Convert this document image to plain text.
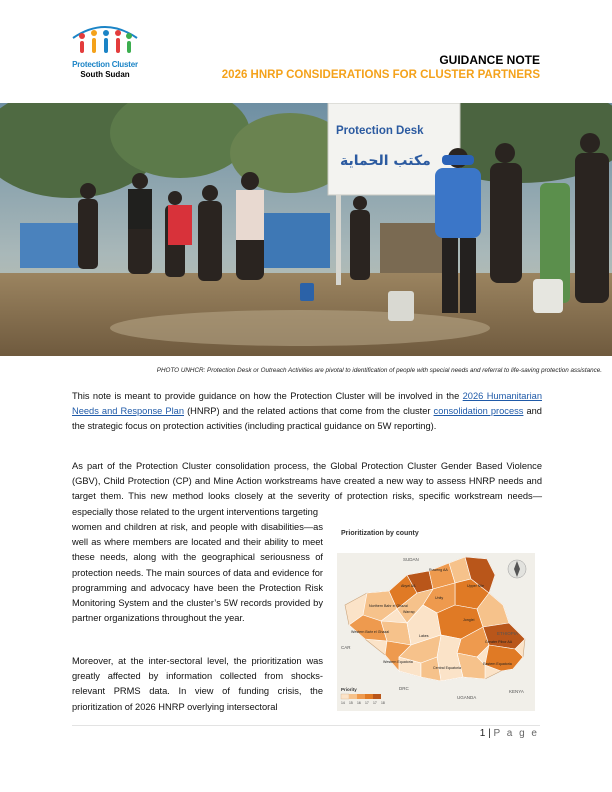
Protection Cluster
South Sudan
GUIDANCE NOTE
2026 HNRP CONSIDERATIONS FOR CLUSTER PARTNERS
Protection Desk
مكتب الحماية
PHOTO UNHCR: Protection Desk or Outreach Activities are pivotal to identification of people with special needs and referral to life-saving protection assistance.

This note is meant to provide guidance on how the Protection Cluster will be involved in the 2026 Humanitarian Needs and Response Plan (HNRP) and the related actions that come from the cluster consolidation process and the strategic focus on protection activities (including practical guidance on 5W reporting).

As part of the Protection Cluster consolidation process, the Global Protection Cluster Gender Based Violence (GBV), Child Protection (CP) and Mine Action workstreams have created a new way to assess HNRP needs and target them. This new method looks closely at the severity of protection risks, specific workstream needs—especially those related to the urgent interventions targeting

women and children at risk, and people with disabilities—as well as where members are located and their ability to meet these needs, along with the geographical seriousness of protection needs. The main sources of data and evidence for programming and advocacy have been the Protection Risk Monitoring System and the cluster’s 5W records provided by partner organizations throughout the year.

Moreover, at the inter-sectoral level, the prioritization was greatly affected by information collected from shocks-relevant PRMS data. In view of funding crisis, the prioritization of 2026 HNRP overlying intersectoral

Prioritization by county
SUDAN
CAR
DRC
UGANDA
KENYA
ETHIOPIA
Abyei AA
Ruweng AA
Upper Nile
Northern Bahr el Ghazal
Unity
Warrap
Western Bahr el Ghazal
Jonglei
Lakes
Greater Pibor AA
Western Equatoria
Central Equatoria
Eastern Equatoria
Priority
14 15 16 17 17 18
1 | P a g e
